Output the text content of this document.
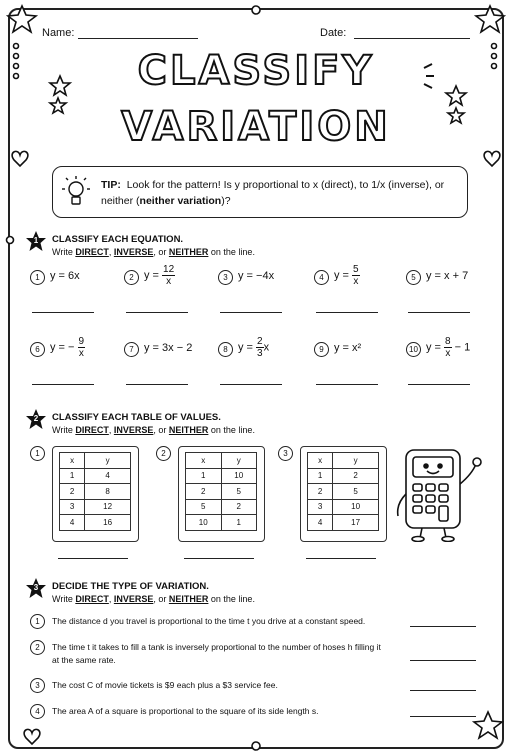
Name:	Date:
CLASSIFY
VARIATION
TIP: Look for the pattern! Is y proportional to x (direct), to 1/x (inverse), or neither (neither variation)?
1	CLASSIFY EACH EQUATION.
Write DIRECT, INVERSE, or NEITHER on the line.
1 y = 6x	2 $y = \frac{12}{x}$	3 y = −4x	4 $y = \frac{5}{x}$	5 y = x + 7
6 y = − $\frac{9}{x}$	7 y = 3x − 2	8 $y = \frac{2}{3}$ x	9 y = x²	10 $y = \frac{8}{x} - 1$
2	CLASSIFY EACH TABLE OF VALUES.
Write DIRECT, INVERSE, or NEITHER on the line.
1
x	y
1	4
2	8
3	12
4	16
2
x	y
1	10
2	5
5	2
10	1
3
x	y
1	2
2	5
3	10
4	17
3	DECIDE THE TYPE OF VARIATION.
Write DIRECT, INVERSE, or NEITHER on the line.
1	The distance d you travel is proportional to the time t you drive at a constant speed.
2	The time t it takes to fill a tank is inversely proportional to the number of hoses h filling it at the same rate.
3	The cost C of movie tickets is $9 each plus a $3 service fee.
4	The area A of a square is proportional to the square of its side length s.
